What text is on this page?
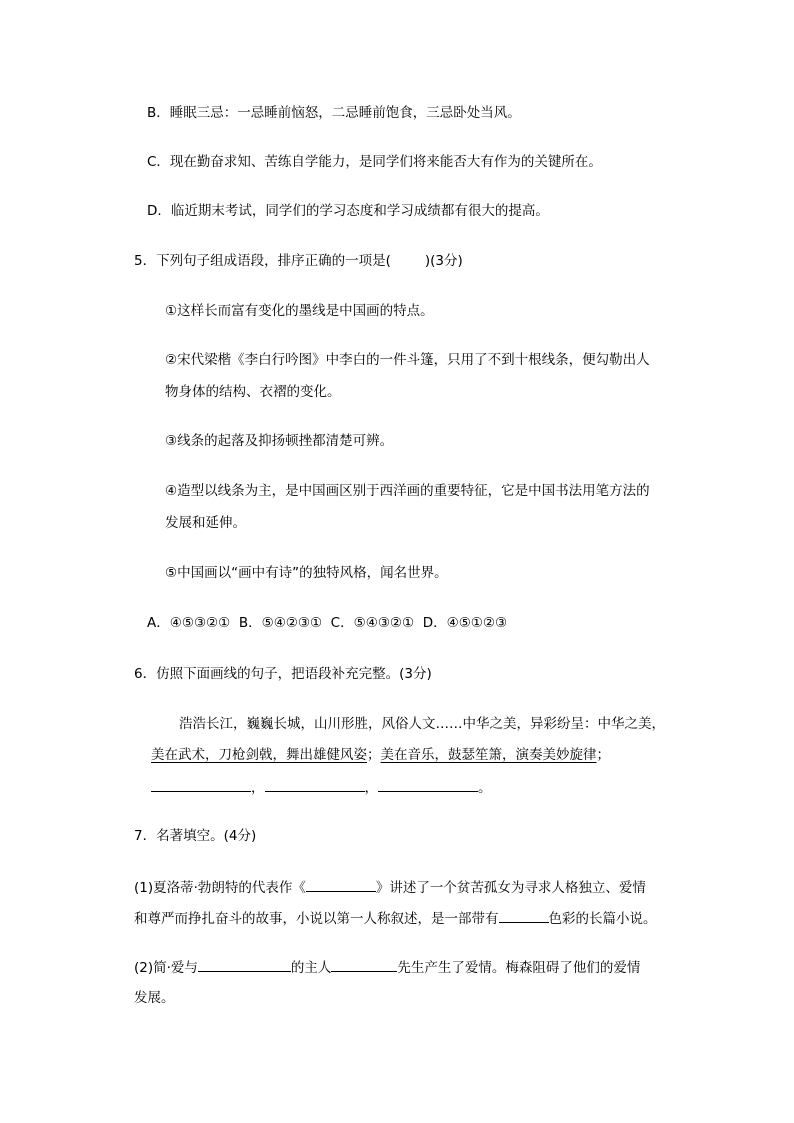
B．睡眠三忌：一忌睡前恼怒，二忌睡前饱食，三忌卧处当风。
C．现在勤奋求知、苦练自学能力，是同学们将来能否大有作为的关键所在。
D．临近期末考试，同学们的学习态度和学习成绩都有很大的提高。
5．下列句子组成语段，排序正确的一项是(	)(3分)
①这样长而富有变化的墨线是中国画的特点。
②宋代梁楷《李白行吟图》中李白的一件斗篷，只用了不到十根线条，便勾勒出人
物身体的结构、衣褶的变化。
③线条的起落及抑扬顿挫都清楚可辨。
④造型以线条为主，是中国画区别于西洋画的重要特征，它是中国书法用笔方法的
发展和延伸。
⑤中国画以“画中有诗”的独特风格，闻名世界。
A．④⑤③②①  B．⑤④②③①  C．⑤④③②①  D．④⑤①②③
6．仿照下面画线的句子，把语段补充完整。(3分)
浩浩长江，巍巍长城，山川形胜，风俗人文……中华之美，异彩纷呈：中华之美，
美在武术，刀枪剑戟，舞出雄健风姿；美在音乐，鼓瑟笙箫，演奏美妙旋律；
，	，	。
7．名著填空。(4分)
(1)夏洛蒂·勃朗特的代表作《	》讲述了一个贫苦孤女为寻求人格独立、爱情
和尊严而挣扎奋斗的故事，小说以第一人称叙述，是一部带有	色彩的长篇小说。
(2)简·爱与	的主人	先生产生了爱情。梅森阻碍了他们的爱情
发展。
